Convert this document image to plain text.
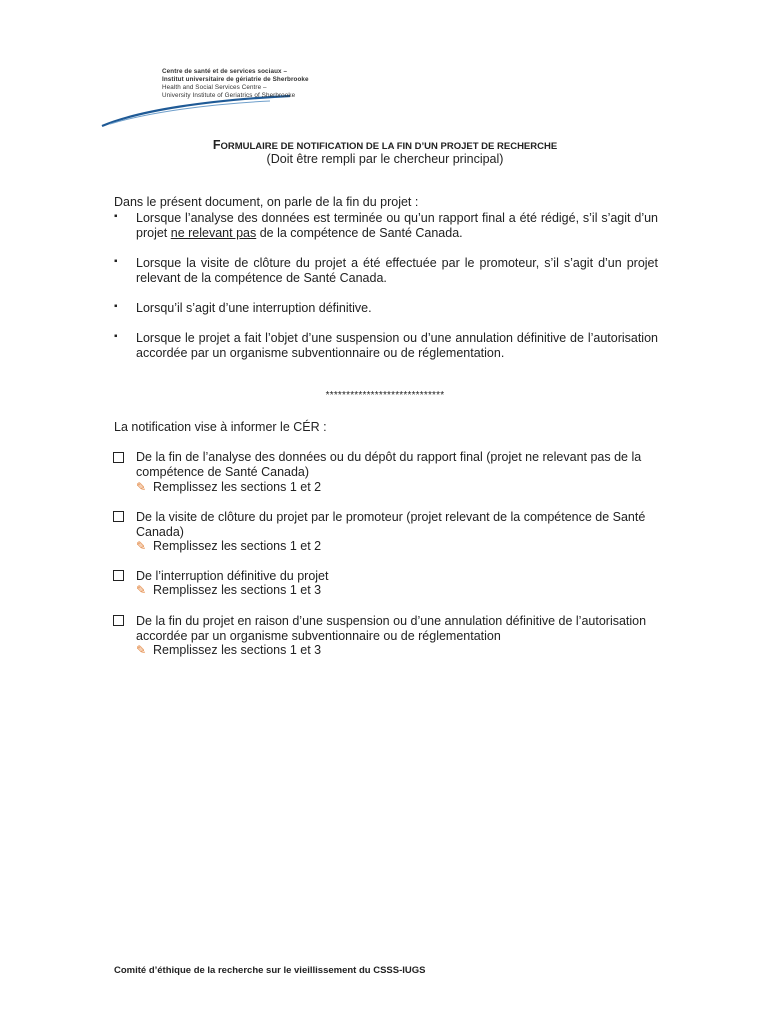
Centre de santé et de services sociaux –
Institut universitaire de gériatrie de Sherbrooke
Health and Social Services Centre –
University Institute of Geriatrics of Sherbrooke
FORMULAIRE DE NOTIFICATION DE LA FIN D’UN PROJET DE RECHERCHE
(Doit être rempli par le chercheur principal)
Dans le présent document, on parle de la fin du projet :
▪ Lorsque l’analyse des données est terminée ou qu’un rapport final a été rédigé, s’il s’agit d’un projet ne relevant pas de la compétence de Santé Canada.
▪ Lorsque la visite de clôture du projet a été effectuée par le promoteur, s’il s’agit d’un projet relevant de la compétence de Santé Canada.
▪ Lorsqu’il s’agit d’une interruption définitive.
▪ Lorsque le projet a fait l’objet d’une suspension ou d’une annulation définitive de l’autorisation accordée par un organisme subventionnaire ou de réglementation.
*****************************
La notification vise à informer le CÉR :
De la fin de l’analyse des données ou du dépôt du rapport final (projet ne relevant pas de la compétence de Santé Canada)
✎ Remplissez les sections 1 et 2
De la visite de clôture du projet par le promoteur (projet relevant de la compétence de Santé Canada)
✎ Remplissez les sections 1 et 2
De l’interruption définitive du projet
✎ Remplissez les sections 1 et 3
De la fin du projet en raison d’une suspension ou d’une annulation définitive de l’autorisation accordée par un organisme subventionnaire ou de réglementation
✎ Remplissez les sections 1 et 3
Comité d’éthique de la recherche sur le vieillissement du CSSS-IUGS
